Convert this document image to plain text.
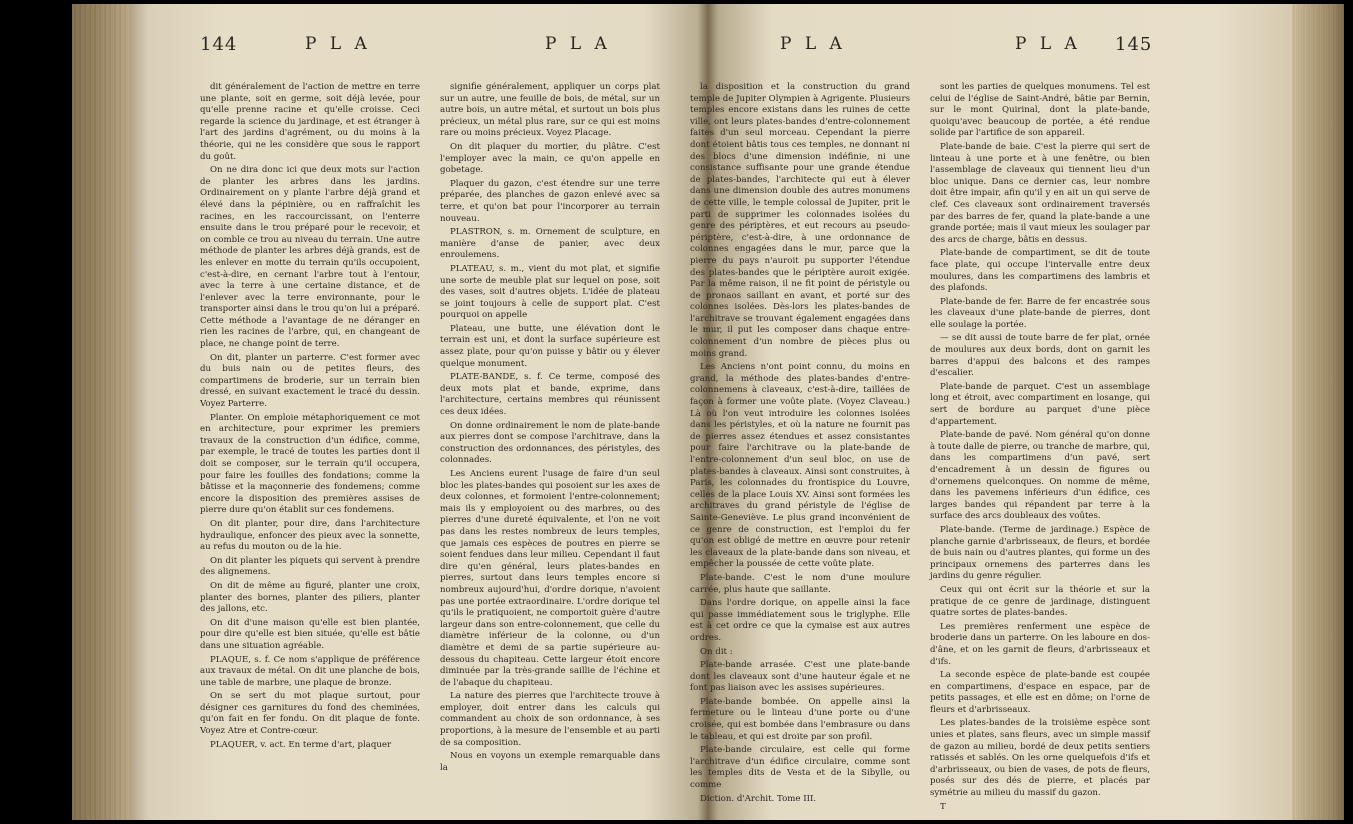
144	P L A	P L A

dit généralement de l'action de mettre en terre une plante, soit en germe, soit déjà levée, pour qu'elle prenne racine et qu'elle croisse. Ceci regarde la science du jardinage, et est étranger à l'art des jardins d'agrément, ou du moins à la théorie, qui ne les considère que sous le rapport du goût.

On ne dira donc ici que deux mots sur l'action de planter les arbres dans les jardins. Ordinairement on y plante l'arbre déjà grand et élevé dans la pépinière, ou en raffraîchit les racines, en les raccourcissant, on l'enterre ensuite dans le trou préparé pour le recevoir, et on comble ce trou au niveau du terrain. Une autre méthode de planter les arbres déjà grands, est de les enlever en motte du terrain qu'ils occupoient, c'est-à-dire, en cernant l'arbre tout à l'entour, avec la terre à une certaine distance, et de l'enlever avec la terre environnante, pour le transporter ainsi dans le trou qu'on lui a préparé. Cette méthode a l'avantage de ne déranger en rien les racines de l'arbre, qui, en changeant de place, ne change point de terre.

On dit, planter un parterre. C'est former avec du buis nain ou de petites fleurs, des compartimens de broderie, sur un terrain bien dressé, en suivant exactement le tracé du dessin. Voyez Parterre.

Planter. On emploie métaphoriquement ce mot en architecture, pour exprimer les premiers travaux de la construction d'un édifice, comme, par exemple, le tracé de toutes les parties dont il doit se composer, sur le terrain qu'il occupera, pour faire les fouilles des fondations; comme la bâtisse et la maçonnerie des fondemens; comme encore la disposition des premières assises de pierre dure qu'on établit sur ces fondemens.

On dit planter, pour dire, dans l'architecture hydraulique, enfoncer des pieux avec la sonnette, au refus du mouton ou de la hie.

On dit planter les piquets qui servent à prendre des alignemens.

On dit de même au figuré, planter une croix, planter des bornes, planter des piliers, planter des jallons, etc.

On dit d'une maison qu'elle est bien plantée, pour dire qu'elle est bien située, qu'elle est bâtie dans une situation agréable.

PLAQUE, s. f. Ce nom s'applique de préférence aux travaux de métal. On dit une planche de bois, une table de marbre, une plaque de bronze.

On se sert du mot plaque surtout, pour désigner ces garnitures du fond des cheminées, qu'on fait en fer fondu. On dit plaque de fonte. Voyez Atre et Contre-cœur.

PLAQUER, v. act. En terme d'art, plaquer

signifie généralement, appliquer un corps plat sur un autre, une feuille de bois, de métal, sur un autre bois, un autre métal, et surtout un bois plus précieux, un métal plus rare, sur ce qui est moins rare ou moins précieux. Voyez Placage.

On dit plaquer du mortier, du plâtre. C'est l'employer avec la main, ce qu'on appelle en gobetage.

Plaquer du gazon, c'est étendre sur une terre préparée, des planches de gazon enlevé avec sa terre, et qu'on bat pour l'incorporer au terrain nouveau.

PLASTRON, s. m. Ornement de sculpture, en manière d'anse de panier, avec deux enroulemens.

PLATEAU, s. m., vient du mot plat, et signifie une sorte de meuble plat sur lequel on pose, soit des vases, soit d'autres objets. L'idée de plateau se joint toujours à celle de support plat. C'est pourquoi on appelle

Plateau, une butte, une élévation dont le terrain est uni, et dont la surface supérieure est assez plate, pour qu'on puisse y bâtir ou y élever quelque monument.

PLATE-BANDE, s. f. Ce terme, composé des deux mots plat et bande, exprime, dans l'architecture, certains membres qui réunissent ces deux idées.

On donne ordinairement le nom de plate-bande aux pierres dont se compose l'architrave, dans la construction des ordonnances, des péristyles, des colonnades.

Les Anciens eurent l'usage de faire d'un seul bloc les plates-bandes qui posoient sur les axes de deux colonnes, et formoient l'entre-colonnement; mais ils y employoient ou des marbres, ou des pierres d'une dureté équivalente, et l'on ne voit pas dans les restes nombreux de leurs temples, que jamais ces espèces de poutres en pierre se soient fendues dans leur milieu. Cependant il faut dire qu'en général, leurs plates-bandes en pierres, surtout dans leurs temples encore si nombreux aujourd'hui, d'ordre dorique, n'avoient pas une portée extraordinaire. L'ordre dorique tel qu'ils le pratiquoient, ne comportoit guère d'autre largeur dans son entre-colonnement, que celle du diamètre inférieur de la colonne, ou d'un diamètre et demi de sa partie supérieure au-dessous du chapiteau. Cette largeur étoit encore diminuée par la très-grande saillie de l'échine et de l'abaque du chapiteau.

La nature des pierres que l'architecte trouve à employer, doit entrer dans les calculs qui commandent au choix de son ordonnance, à ses proportions, à la mesure de l'ensemble et au parti de sa composition.

Nous en voyons un exemple remarquable dans la

P L A	P L A 145

la disposition et la construction du grand temple de Jupiter Olympien à Agrigente. Plusieurs temples encore existans dans les ruines de cette ville, ont leurs plates-bandes d'entre-colonnement faites d'un seul morceau. Cependant la pierre dont étoient bâtis tous ces temples, ne donnant ni des blocs d'une dimension indéfinie, ni une consistance suffisante pour une grande étendue de plates-bandes, l'architecte qui eut à élever dans une dimension double des autres monumens de cette ville, le temple colossal de Jupiter, prit le parti de supprimer les colonnades isolées du genre des périptères, et eut recours au pseudo-périptère, c'est-à-dire, à une ordonnance de colonnes engagées dans le mur, parce que la pierre du pays n'auroit pu supporter l'étendue des plates-bandes que le périptère auroit exigée. Par la même raison, il ne fit point de péristyle ou de pronaos saillant en avant, et porté sur des colonnes isolées. Dès-lors les plates-bandes de l'architrave se trouvant également engagées dans le mur, il put les composer dans chaque entre-colonnement d'un nombre de pièces plus ou moins grand.

Les Anciens n'ont point connu, du moins en grand, la méthode des plates-bandes d'entre-colonnemens à claveaux, c'est-à-dire, taillées de façon à former une voûte plate. (Voyez Claveau.) Là où l'on veut introduire les colonnes isolées dans les péristyles, et où la nature ne fournit pas de pierres assez étendues et assez consistantes pour faire l'architrave ou la plate-bande de l'entre-colonnement d'un seul bloc, on use de plates-bandes à claveaux. Ainsi sont construites, à Paris, les colonnades du frontispice du Louvre, celles de la place Louis XV. Ainsi sont formées les architraves du grand péristyle de l'église de Sainte-Geneviève. Le plus grand inconvénient de ce genre de construction, est l'emploi du fer qu'on est obligé de mettre en œuvre pour retenir les claveaux de la plate-bande dans son niveau, et empêcher la poussée de cette voûte plate.

Plate-bande. C'est le nom d'une moulure carrée, plus haute que saillante.

Dans l'ordre dorique, on appelle ainsi la face qui passe immédiatement sous le triglyphe. Elle est à cet ordre ce que la cymaise est aux autres ordres.

On dit :

Plate-bande arrasée. C'est une plate-bande dont les claveaux sont d'une hauteur égale et ne font pas liaison avec les assises supérieures.

Plate-bande bombée. On appelle ainsi la fermeture ou le linteau d'une porte ou d'une croisée, qui est bombée dans l'embrasure ou dans le tableau, et qui est droite par son profil.

Plate-bande circulaire, est celle qui forme l'architrave d'un édifice circulaire, comme sont les temples dits de Vesta et de la Sibylle, ou comme

Diction. d'Archit. Tome III.

sont les parties de quelques monumens. Tel est celui de l'église de Saint-André, bâtie par Bernin, sur le mont Quirinal, dont la plate-bande, quoiqu'avec beaucoup de portée, a été rendue solide par l'artifice de son appareil.

Plate-bande de baie. C'est la pierre qui sert de linteau à une porte et à une fenêtre, ou bien l'assemblage de claveaux qui tiennent lieu d'un bloc unique. Dans ce dernier cas, leur nombre doit être impair, afin qu'il y en ait un qui serve de clef. Ces claveaux sont ordinairement traversés par des barres de fer, quand la plate-bande a une grande portée; mais il vaut mieux les soulager par des arcs de charge, bâtis en dessus.

Plate-bande de compartiment, se dit de toute face plate, qui occupe l'intervalle entre deux moulures, dans les compartimens des lambris et des plafonds.

Plate-bande de fer. Barre de fer encastrée sous les claveaux d'une plate-bande de pierres, dont elle soulage la portée.

— se dit aussi de toute barre de fer plat, ornée de moulures aux deux bords, dont on garnit les barres d'appui des balcons et des rampes d'escalier.

Plate-bande de parquet. C'est un assemblage long et étroit, avec compartiment en losange, qui sert de bordure au parquet d'une pièce d'appartement.

Plate-bande de pavé. Nom général qu'on donne à toute dalle de pierre, ou tranche de marbre, qui, dans les compartimens d'un pavé, sert d'encadrement à un dessin de figures ou d'ornemens quelconques. On nomme de même, dans les pavemens inférieurs d'un édifice, ces larges bandes qui répandent par terre à la surface des arcs doubleaux des voûtes.

Plate-bande. (Terme de jardinage.) Espèce de planche garnie d'arbrisseaux, de fleurs, et bordée de buis nain ou d'autres plantes, qui forme un des principaux ornemens des parterres dans les jardins du genre régulier.

Ceux qui ont écrit sur la théorie et sur la pratique de ce genre de jardinage, distinguent quatre sortes de plates-bandes.

Les premières renferment une espèce de broderie dans un parterre. On les laboure en dos-d'âne, et on les garnit de fleurs, d'arbrisseaux et d'ifs.

La seconde espèce de plate-bande est coupée en compartimens, d'espace en espace, par de petits passages, et elle est en dôme; on l'orne de fleurs et d'arbrisseaux.

Les plates-bandes de la troisième espèce sont unies et plates, sans fleurs, avec un simple massif de gazon au milieu, bordé de deux petits sentiers ratissés et sablés. On les orne quelquefois d'ifs et d'arbrisseaux, ou bien de vases, de pots de fleurs, posés sur des dés de pierre, et placés par symétrie au milieu du massif du gazon.

T
